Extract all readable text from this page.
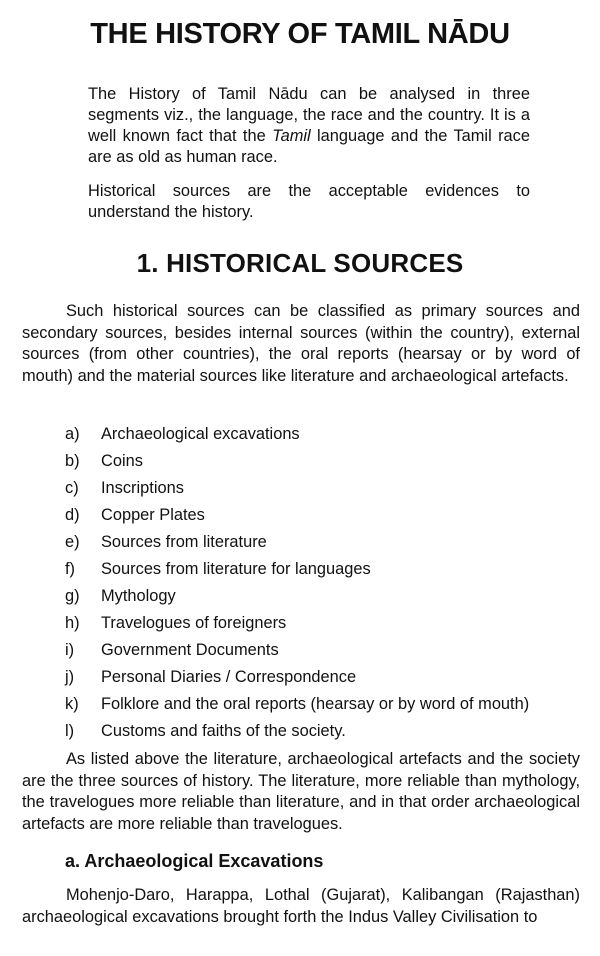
THE HISTORY OF TAMIL NĀDU

The History of Tamil Nādu can be analysed in three segments viz., the language, the race and the country. It is a well known fact that the Tamil language and the Tamil race are as old as human race.

Historical sources are the acceptable evidences to understand the history.

1. HISTORICAL SOURCES

Such historical sources can be classified as primary sources and secondary sources, besides internal sources (within the country), external sources (from other countries), the oral reports (hearsay or by word of mouth) and the material sources like literature and archaeological artefacts.

a) Archaeological excavations
b) Coins
c) Inscriptions
d) Copper Plates
e) Sources from literature
f) Sources from literature for languages
g) Mythology
h) Travelogues of foreigners
i) Government Documents
j) Personal Diaries / Correspondence
k) Folklore and the oral reports (hearsay or by word of mouth)
l) Customs and faiths of the society.

As listed above the literature, archaeological artefacts and the society are the three sources of history. The literature, more reliable than mythology, the travelogues more reliable than literature, and in that order archaeological artefacts are more reliable than travelogues.

a. Archaeological Excavations

Mohenjo-Daro, Harappa, Lothal (Gujarat), Kalibangan (Rajasthan) archaeological excavations brought forth the Indus Valley Civilisation to
